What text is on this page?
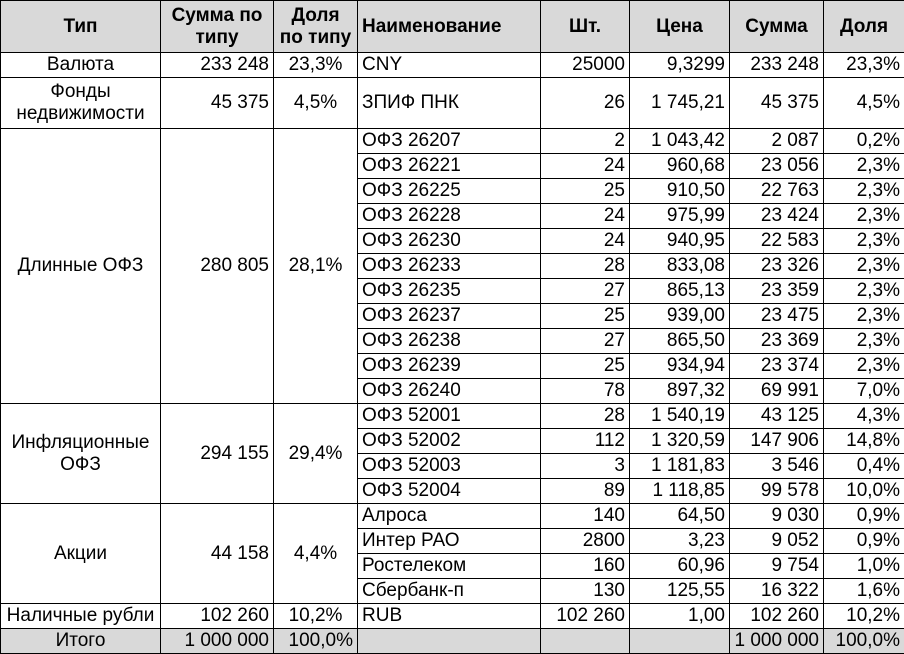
Тип	Сумма по типу	Доля по типу	Наименование	Шт.	Цена	Сумма	Доля
Валюта	233 248	23,3%	CNY	25000	9,3299	233 248	23,3%
Фонды недвижимости	45 375	4,5%	ЗПИФ ПНК	26	1 745,21	45 375	4,5%
Длинные ОФЗ	280 805	28,1%	ОФЗ 26207	2	1 043,42	2 087	0,2%
			ОФЗ 26221	24	960,68	23 056	2,3%
			ОФЗ 26225	25	910,50	22 763	2,3%
			ОФЗ 26228	24	975,99	23 424	2,3%
			ОФЗ 26230	24	940,95	22 583	2,3%
			ОФЗ 26233	28	833,08	23 326	2,3%
			ОФЗ 26235	27	865,13	23 359	2,3%
			ОФЗ 26237	25	939,00	23 475	2,3%
			ОФЗ 26238	27	865,50	23 369	2,3%
			ОФЗ 26239	25	934,94	23 374	2,3%
			ОФЗ 26240	78	897,32	69 991	7,0%
Инфляционные ОФЗ	294 155	29,4%	ОФЗ 52001	28	1 540,19	43 125	4,3%
			ОФЗ 52002	112	1 320,59	147 906	14,8%
			ОФЗ 52003	3	1 181,83	3 546	0,4%
			ОФЗ 52004	89	1 118,85	99 578	10,0%
Акции	44 158	4,4%	Алроса	140	64,50	9 030	0,9%
			Интер РАО	2800	3,23	9 052	0,9%
			Ростелеком	160	60,96	9 754	1,0%
			Сбербанк-п	130	125,55	16 322	1,6%
Наличные рубли	102 260	10,2%	RUB	102 260	1,00	102 260	10,2%
Итого	1 000 000	100,0%				1 000 000	100,0%
